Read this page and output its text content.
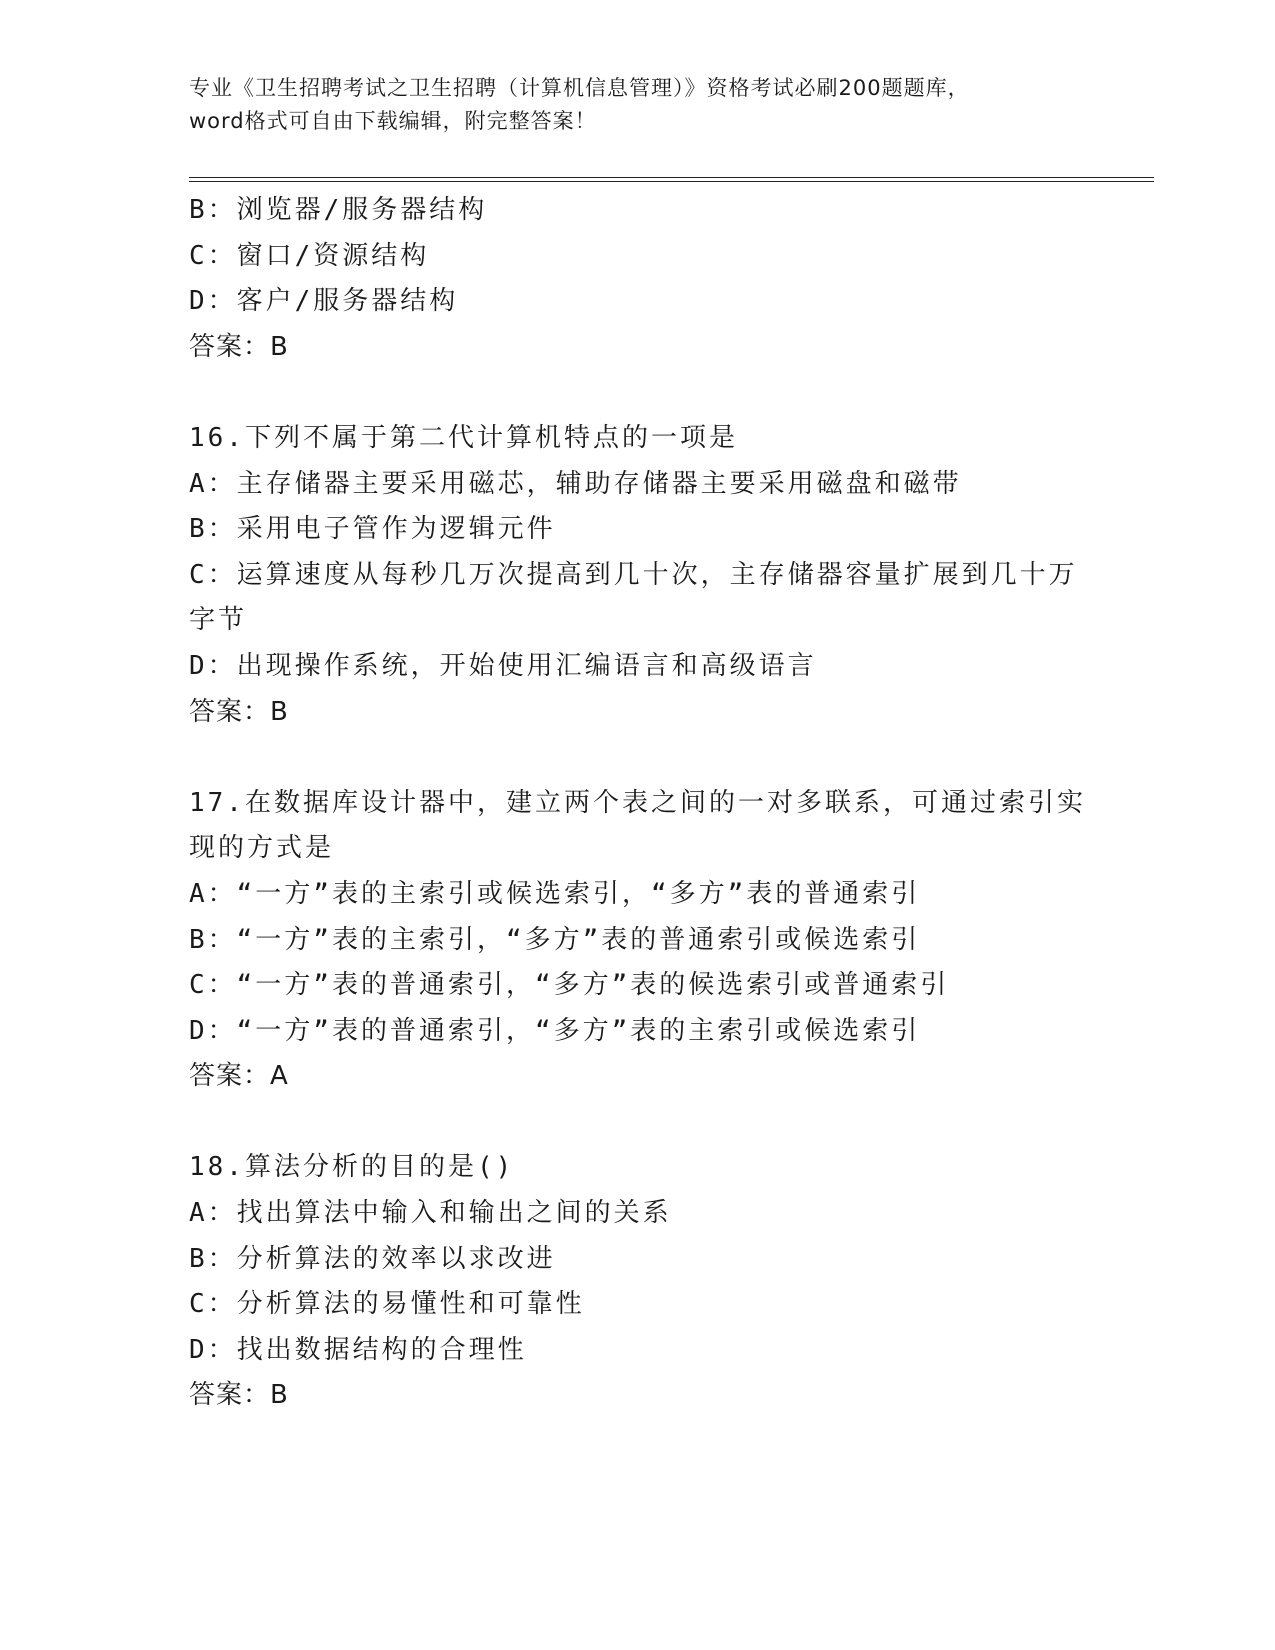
专业《卫生招聘考试之卫生招聘（计算机信息管理）》资格考试必刷200题题库，
word格式可自由下载编辑，附完整答案！
B：浏览器/服务器结构
C：窗口/资源结构
D：客户/服务器结构
答案：B
16.下列不属于第二代计算机特点的一项是
A：主存储器主要采用磁芯，辅助存储器主要采用磁盘和磁带
B：采用电子管作为逻辑元件
C：运算速度从每秒几万次提高到几十次，主存储器容量扩展到几十万
字节
D：出现操作系统，开始使用汇编语言和高级语言
答案：B
17.在数据库设计器中，建立两个表之间的一对多联系，可通过索引实
现的方式是
A：“一方”表的主索引或候选索引，“多方”表的普通索引
B：“一方”表的主索引，“多方”表的普通索引或候选索引
C：“一方”表的普通索引，“多方”表的候选索引或普通索引
D：“一方”表的普通索引，“多方”表的主索引或候选索引
答案：A
18.算法分析的目的是()
A：找出算法中输入和输出之间的关系
B：分析算法的效率以求改进
C：分析算法的易懂性和可靠性
D：找出数据结构的合理性
答案：B
